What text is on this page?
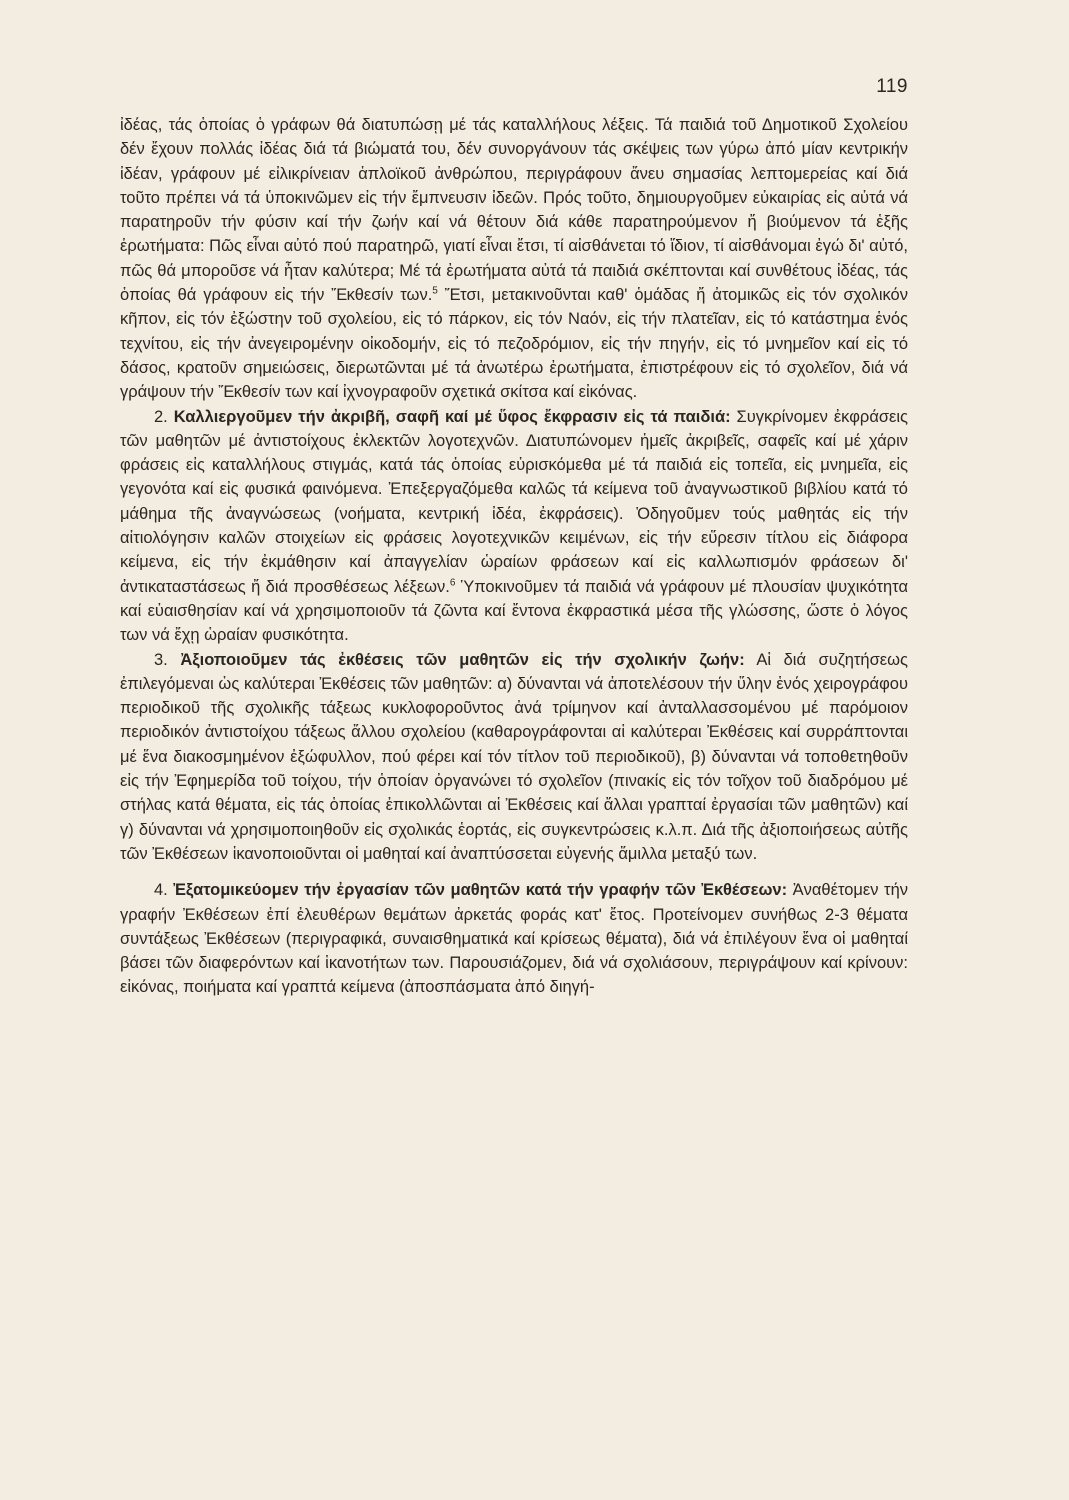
119

ἰδέας, τάς ὁποίας ὁ γράφων θά διατυπώσῃ μέ τάς καταλλήλους λέξεις. Τά παιδιά τοῦ Δημοτικοῦ Σχολείου δέν ἔχουν πολλάς ἰδέας διά τά βιώματά του, δέν συνοργάνουν τάς σκέψεις των γύρω ἀπό μίαν κεντρικήν ἰδέαν, γράφουν μέ εἰλικρίνειαν ἁπλοϊκοῦ ἀνθρώπου, περιγράφουν ἄνευ σημασίας λεπτομερείας καί διά τοῦτο πρέπει νά τά ὑποκινῶμεν εἰς τήν ἔμπνευσιν ἰδεῶν. Πρός τοῦτο, δημιουργοῦμεν εὐκαιρίας εἰς αὐτά νά παρατηροῦν τήν φύσιν καί τήν ζωήν καί νά θέτουν διά κάθε παρατηρούμενον ἤ βιούμενον τά ἑξῆς ἐρωτήματα: Πῶς εἶναι αὐτό πού παρατηρῶ, γιατί εἶναι ἔτσι, τί αἰσθάνεται τό ἴδιον, τί αἰσθάνομαι ἐγώ δι' αὐτό, πῶς θά μποροῦσε νά ἦταν καλύτερα; Μέ τά ἐρωτήματα αὐτά τά παιδιά σκέπτονται καί συνθέτους ἰδέας, τάς ὁποίας θά γράφουν εἰς τήν Ἔκθεσίν των.$^5$ Ἔτσι, μετακινοῦνται καθ' ὁμάδας ἤ ἀτομικῶς εἰς τόν σχολικόν κῆπον, εἰς τόν ἐξώστην τοῦ σχολείου, εἰς τό πάρκον, εἰς τόν Ναόν, εἰς τήν πλατεῖαν, εἰς τό κατάστημα ἑνός τεχνίτου, εἰς τήν ἀνεγειρομένην οἰκοδομήν, εἰς τό πεζοδρόμιον, εἰς τήν πηγήν, εἰς τό μνημεῖον καί εἰς τό δάσος, κρατοῦν σημειώσεις, διερωτῶνται μέ τά ἀνωτέρω ἐρωτήματα, ἐπιστρέφουν εἰς τό σχολεῖον, διά νά γράψουν τήν Ἔκθεσίν των καί ἰχνογραφοῦν σχετικά σκίτσα καί εἰκόνας.

2. Καλλιεργοῦμεν τήν ἀκριβῆ, σαφῆ καί μέ ὕφος ἔκφρασιν εἰς τά παιδιά: Συγκρίνομεν ἐκφράσεις τῶν μαθητῶν μέ ἀντιστοίχους ἐκλεκτῶν λογοτεχνῶν. Διατυπώνομεν ἡμεῖς ἀκριβεῖς, σαφεῖς καί μέ χάριν φράσεις εἰς καταλλήλους στιγμάς, κατά τάς ὁποίας εὑρισκόμεθα μέ τά παιδιά εἰς τοπεῖα, εἰς μνημεῖα, εἰς γεγονότα καί εἰς φυσικά φαινόμενα. Ἐπεξεργαζόμεθα καλῶς τά κείμενα τοῦ ἀναγνωστικοῦ βιβλίου κατά τό μάθημα τῆς ἀναγνώσεως (νοήματα, κεντρική ἰδέα, ἐκφράσεις). Ὁδηγοῦμεν τούς μαθητάς εἰς τήν αἰτιολόγησιν καλῶν στοιχείων εἰς φράσεις λογοτεχνικῶν κειμένων, εἰς τήν εὕρεσιν τίτλου εἰς διάφορα κείμενα, εἰς τήν ἐκμάθησιν καί ἀπαγγελίαν ὡραίων φράσεων καί εἰς καλλωπισμόν φράσεων δι' ἀντικαταστάσεως ἤ διά προσθέσεως λέξεων.$^6$ Ὑποκινοῦμεν τά παιδιά νά γράφουν μέ πλουσίαν ψυχικότητα καί εὐαισθησίαν καί νά χρησιμοποιοῦν τά ζῶντα καί ἔντονα ἐκφραστικά μέσα τῆς γλώσσης, ὥστε ὁ λόγος των νά ἔχῃ ὡραίαν φυσικότητα.

3. Ἀξιοποιοῦμεν τάς ἐκθέσεις τῶν μαθητῶν εἰς τήν σχολικήν ζωήν: Αἱ διά συζητήσεως ἐπιλεγόμεναι ὡς καλύτεραι Ἐκθέσεις τῶν μαθητῶν: α) δύνανται νά ἀποτελέσουν τήν ὕλην ἑνός χειρογράφου περιοδικοῦ τῆς σχολικῆς τάξεως κυκλοφοροῦντος ἀνά τρίμηνον καί ἀνταλλασσομένου μέ παρόμοιον περιοδικόν ἀντιστοίχου τάξεως ἄλλου σχολείου (καθαρογράφονται αἱ καλύτεραι Ἐκθέσεις καί συρράπτονται μέ ἕνα διακοσμημένον ἐξώφυλλον, πού φέρει καί τόν τίτλον τοῦ περιοδικοῦ), β) δύνανται νά τοποθετηθοῦν εἰς τήν Ἐφημερίδα τοῦ τοίχου, τήν ὁποίαν ὀργανώνει τό σχολεῖον (πινακίς εἰς τόν τοῖχον τοῦ διαδρόμου μέ στήλας κατά θέματα, εἰς τάς ὁποίας ἐπικολλῶνται αἱ Ἐκθέσεις καί ἄλλαι γραπταί ἐργασίαι τῶν μαθητῶν) καί γ) δύνανται νά χρησιμοποιηθοῦν εἰς σχολικάς ἑορτάς, εἰς συγκεντρώσεις κ.λ.π. Διά τῆς ἀξιοποιήσεως αὐτῆς τῶν Ἐκθέσεων ἱκανοποιοῦνται οἱ μαθηταί καί ἀναπτύσσεται εὐγενής ἅμιλλα μεταξύ των.

4. Ἐξατομικεύομεν τήν ἐργασίαν τῶν μαθητῶν κατά τήν γραφήν τῶν Ἐκθέσεων: Ἀναθέτομεν τήν γραφήν Ἐκθέσεων ἐπί ἐλευθέρων θεμάτων ἀρκετάς φοράς κατ' ἔτος. Προτείνομεν συνήθως 2-3 θέματα συντάξεως Ἐκθέσεων (περιγραφικά, συναισθηματικά καί κρίσεως θέματα), διά νά ἐπιλέγουν ἕνα οἱ μαθηταί βάσει τῶν διαφερόντων καί ἱκανοτήτων των. Παρουσιάζομεν, διά νά σχολιάσουν, περιγράψουν καί κρίνουν: εἰκόνας, ποιήματα καί γραπτά κείμενα (ἀποσπάσματα ἀπό διηγή-
